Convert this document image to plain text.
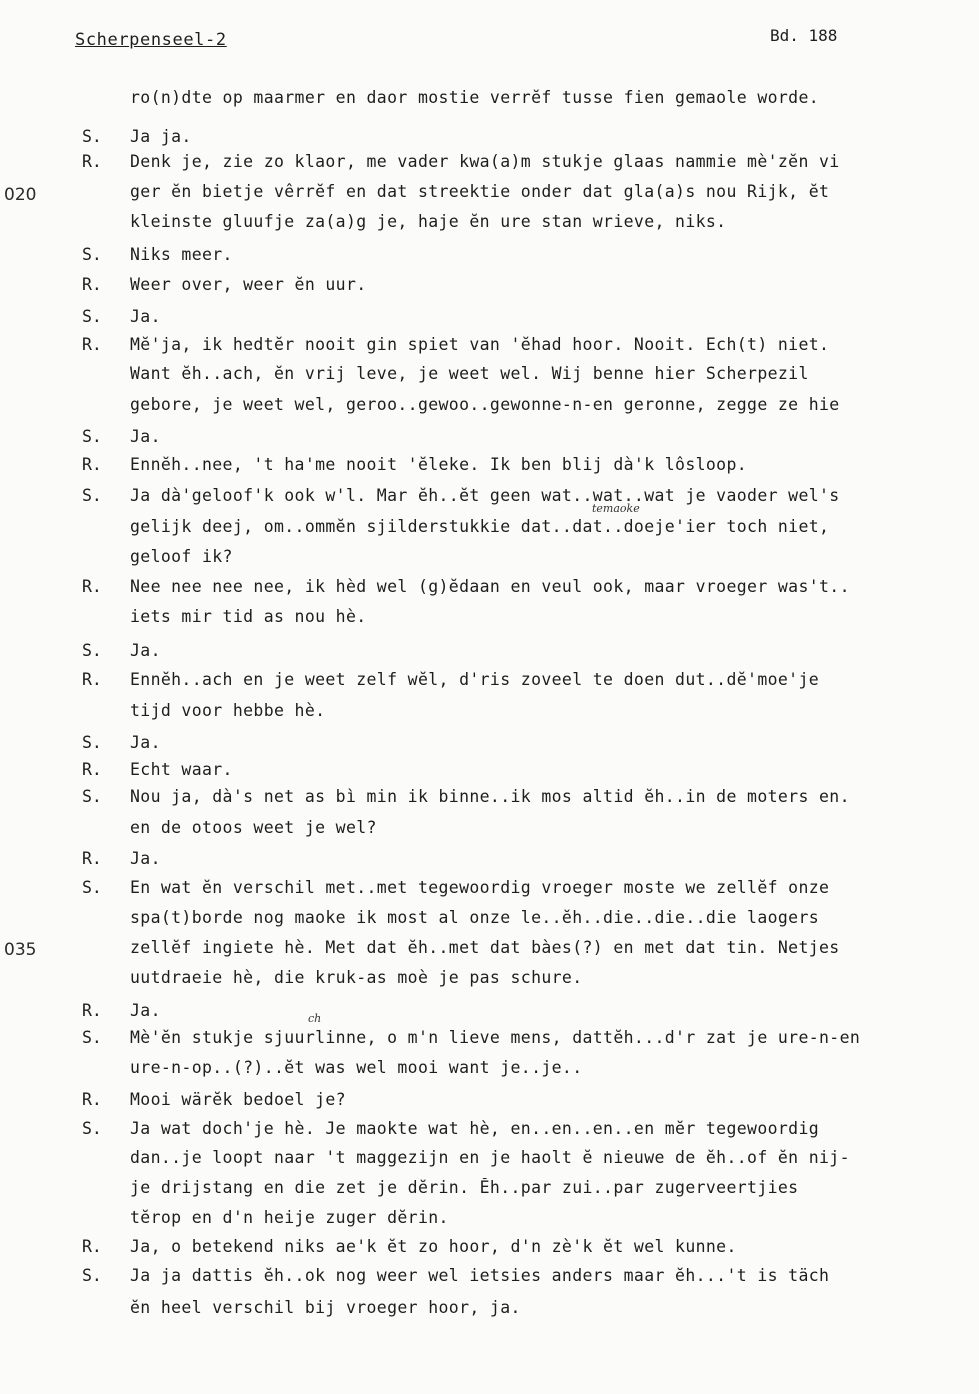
Scherpenseel-2	Bd. 188
020
035
temaoke
ch
ro(n)dte op maarmer en daor mostie verrĕf tusse fien gemaole worde.
S. Ja ja.
R. Denk je, zie zo klaor, me vader kwa(a)m stukje glaas nammie mè'zĕn vi
ger ĕn bietje vêrrĕf en dat streektie onder dat gla(a)s nou Rijk, ĕt
kleinste gluufje za(a)g je, haje ĕn ure stan wrieve, niks.
S. Niks meer.
R. Weer over, weer ĕn uur.
S. Ja.
R. Mĕ'ja, ik hedtĕr nooit gin spiet van 'ĕhad hoor. Nooit. Ech(t) niet.
Want ĕh..ach, ĕn vrij leve, je weet wel. Wij benne hier Scherpezil
gebore, je weet wel, geroo..gewoo..gewonne-n-en geronne, zegge ze hie
S. Ja.
R. Ennĕh..nee, 't ha'me nooit 'ĕleke. Ik ben blij dà'k lôsloop.
S. Ja dà'geloof'k ook w'l. Mar ĕh..ĕt geen wat..wat..wat je vaoder wel's
gelijk deej, om..ommĕn sjilderstukkie dat..dat..doeje'ier toch niet,
geloof ik?
R. Nee nee nee nee, ik hèd wel (g)ĕdaan en veul ook, maar vroeger was't..
iets mir tid as nou hè.
S. Ja.
R. Ennĕh..ach en je weet zelf wĕl, d'ris zoveel te doen dut..dĕ'moe'je
tijd voor hebbe hè.
S. Ja.
R. Echt waar.
S. Nou ja, dà's net as bì min ik binne..ik mos altid ĕh..in de moters en.
en de otoos weet je wel?
R. Ja.
S. En wat ĕn verschil met..met tegewoordig vroeger moste we zellĕf onze
spa(t)borde nog maoke ik most al onze le..ĕh..die..die..die laogers
zellĕf ingiete hè. Met dat ĕh..met dat bàes(?) en met dat tin. Netjes
uutdraeie hè, die kruk-as moè je pas schure.
R. Ja.
S. Mè'ĕn stukje sjuurlinne, o m'n lieve mens, dattĕh...d'r zat je ure-n-en
ure-n-op..(?)..ĕt was wel mooi want je..je..
R. Mooi wärĕk bedoel je?
S. Ja wat doch'je hè. Je maokte wat hè, en..en..en..en mĕr tegewoordig
dan..je loopt naar 't maggezijn en je haolt ĕ nieuwe de ĕh..of ĕn nij-
je drijstang en die zet je dĕrin. Ĕh..par zui..par zugerveertjies
tĕrop en d'n heije zuger dĕrin.
R. Ja, o betekend niks ae'k ĕt zo hoor, d'n zè'k ĕt wel kunne.
S. Ja ja dattis ĕh..ok nog weer wel ietsies anders maar ĕh...'t is täch
ĕn heel verschil bij vroeger hoor, ja.
